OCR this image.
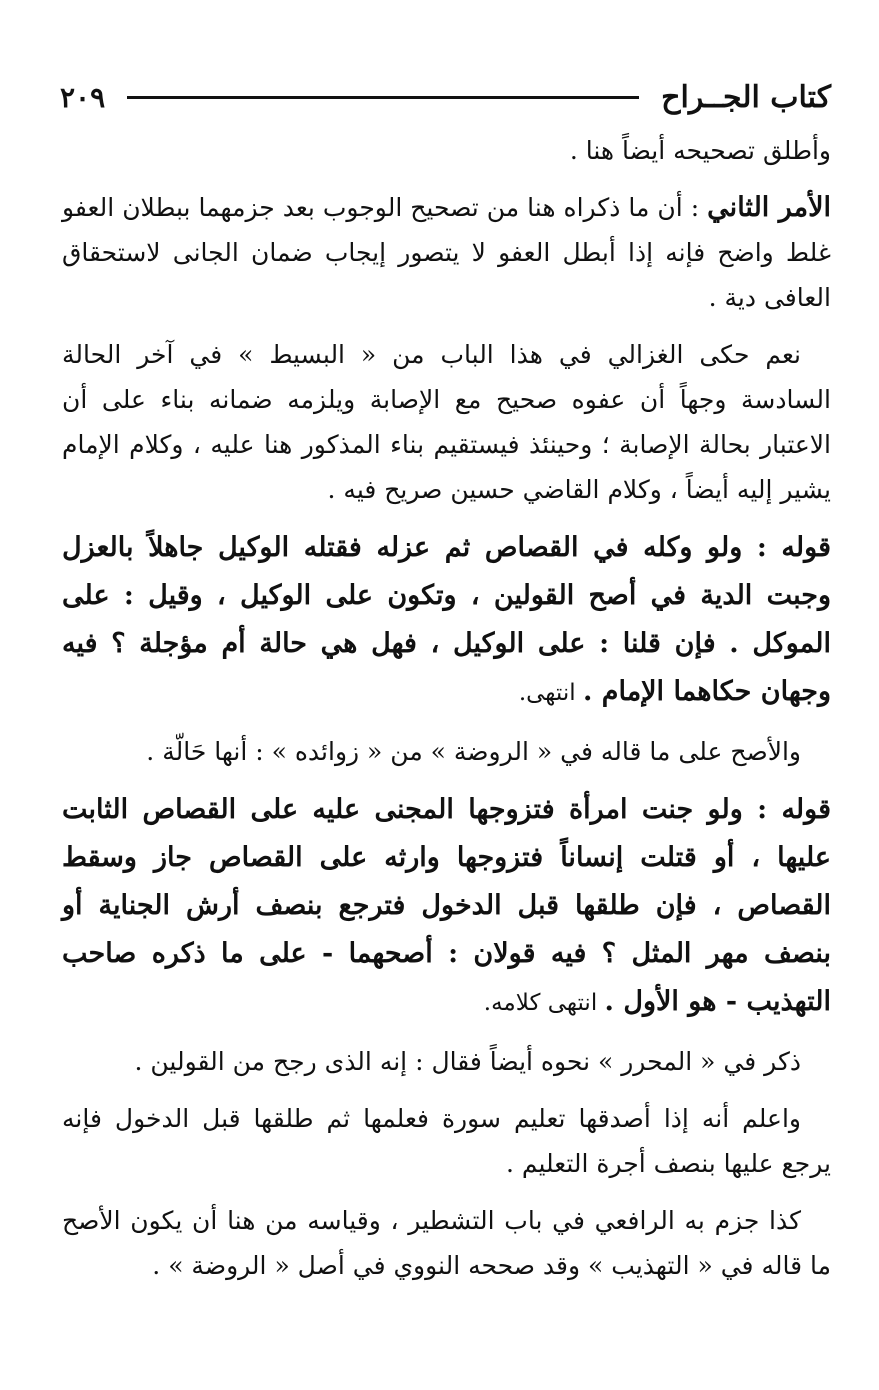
كتاب الجــراح
٢٠٩

وأطلق تصحيحه أيضاً هنا .

الأمر الثاني : أن ما ذكراه هنا من تصحيح الوجوب بعد جزمهما ببطلان العفو غلط واضح فإنه إذا أبطل العفو لا يتصور إيجاب ضمان الجانى لاستحقاق العافى دية .

نعم حكى الغزالي في هذا الباب من « البسيط » في آخر الحالة السادسة وجهاً أن عفوه صحيح مع الإصابة ويلزمه ضمانه بناء على أن الاعتبار بحالة الإصابة ؛ وحينئذ فيستقيم بناء المذكور هنا عليه ، وكلام الإمام يشير إليه أيضاً ، وكلام القاضي حسين صريح فيه .

قوله : ولو وكله في القصاص ثم عزله فقتله الوكيل جاهلاً بالعزل وجبت الدية في أصح القولين ، وتكون على الوكيل ، وقيل : على الموكل . فإن قلنا : على الوكيل ، فهل هي حالة أم مؤجلة ؟ فيه وجهان حكاهما الإمام . انتهى.

والأصح على ما قاله في « الروضة » من « زوائده » : أنها حَالّة .

قوله : ولو جنت امرأة فتزوجها المجنى عليه على القصاص الثابت عليها ، أو قتلت إنساناً فتزوجها وارثه على القصاص جاز وسقط القصاص ، فإن طلقها قبل الدخول فترجع بنصف أرش الجناية أو بنصف مهر المثل ؟ فيه قولان : أصحهما - على ما ذكره صاحب التهذيب - هو الأول . انتهى كلامه.

ذكر في « المحرر » نحوه أيضاً فقال : إنه الذى رجح من القولين .

واعلم أنه إذا أصدقها تعليم سورة فعلمها ثم طلقها قبل الدخول فإنه يرجع عليها بنصف أجرة التعليم .

كذا جزم به الرافعي في باب التشطير ، وقياسه من هنا أن يكون الأصح ما قاله في « التهذيب » وقد صححه النووي في أصل « الروضة » .
